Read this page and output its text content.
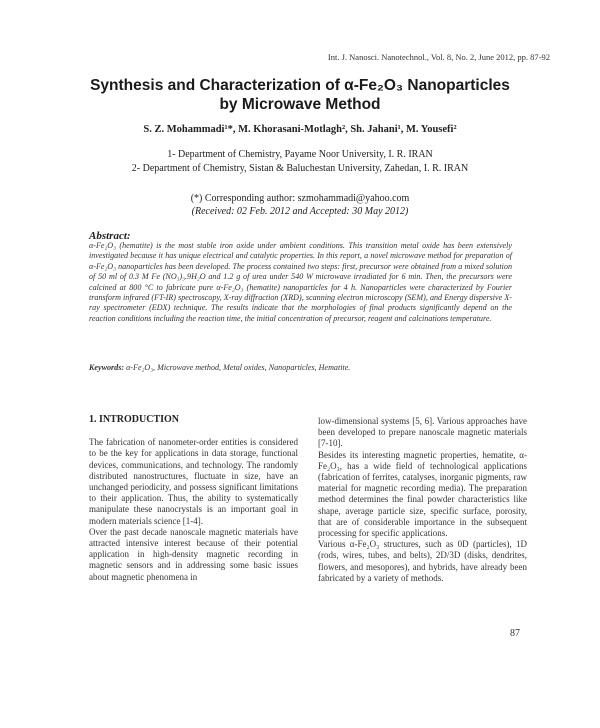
Int. J. Nanosci. Nanotechnol., Vol. 8, No. 2, June 2012, pp. 87-92
Synthesis and Characterization of α-Fe₂O₃ Nanoparticles
by Microwave Method
S. Z. Mohammadi¹*, M. Khorasani-Motlagh², Sh. Jahani¹, M. Yousefi²
1- Department of Chemistry, Payame Noor University, I. R. IRAN
2- Department of Chemistry, Sistan & Baluchestan University, Zahedan, I. R. IRAN
(*) Corresponding author: szmohammadi@yahoo.com
(Received: 02 Feb. 2012 and Accepted: 30 May 2012)
Abstract:
α-Fe₂O₃ (hematite) is the most stable iron oxide under ambient conditions. This transition metal oxide has been extensively investigated because it has unique electrical and catalytic properties. In this report, a novel microwave method for preparation of α-Fe₂O₃ nanoparticles has been developed. The process contained two steps: first, precursor were obtained from a mixed solution of 50 ml of 0.3 M Fe (NO₃)₃.9H₂O and 1.2 g of urea under 540 W microwave irradiated for 6 min. Then, the precursors were calcined at 800 °C to fabricate pure α-Fe₂O₃ (hematite) nanoparticles for 4 h. Nanoparticles were characterized by Fourier transform infrared (FT-IR) spectroscopy, X-ray diffraction (XRD), scanning electron microscopy (SEM), and Energy dispersive X-ray spectrometer (EDX) technique. The results indicate that the morphologies of final products significantly depend on the reaction conditions including the reaction time, the initial concentration of precursor, reagent and calcinations temperature.
Keywords: α-Fe₂O₃, Microwave method, Metal oxides, Nanoparticles, Hematite.
1. INTRODUCTION

The fabrication of nanometer-order entities is considered to be the key for applications in data storage, functional devices, communications, and technology. The randomly distributed nanostructures, fluctuate in size, have an unchanged periodicity, and possess significant limitations to their application. Thus, the ability to systematically manipulate these nanocrystals is an important goal in modern materials science [1-4].

Over the past decade nanoscale magnetic materials have attracted intensive interest because of their potential application in high-density magnetic recording in magnetic sensors and in addressing some basic issues about magnetic phenomena in

low-dimensional systems [5, 6]. Various approaches have been developed to prepare nanoscale magnetic materials [7-10].

Besides its interesting magnetic properties, hematite, α-Fe₂O₃, has a wide field of technological applications (fabrication of ferrites, catalyses, inorganic pigments, raw material for magnetic recording media). The preparation method determines the final powder characteristics like shape, average particle size, specific surface, porosity, that are of considerable importance in the subsequent processing for specific applications.

Various α-Fe₂O₃ structures, such as 0D (particles), 1D (rods, wires, tubes, and belts), 2D/3D (disks, dendrites, flowers, and mesopores), and hybrids, have already been fabricated by a variety of methods.

87
